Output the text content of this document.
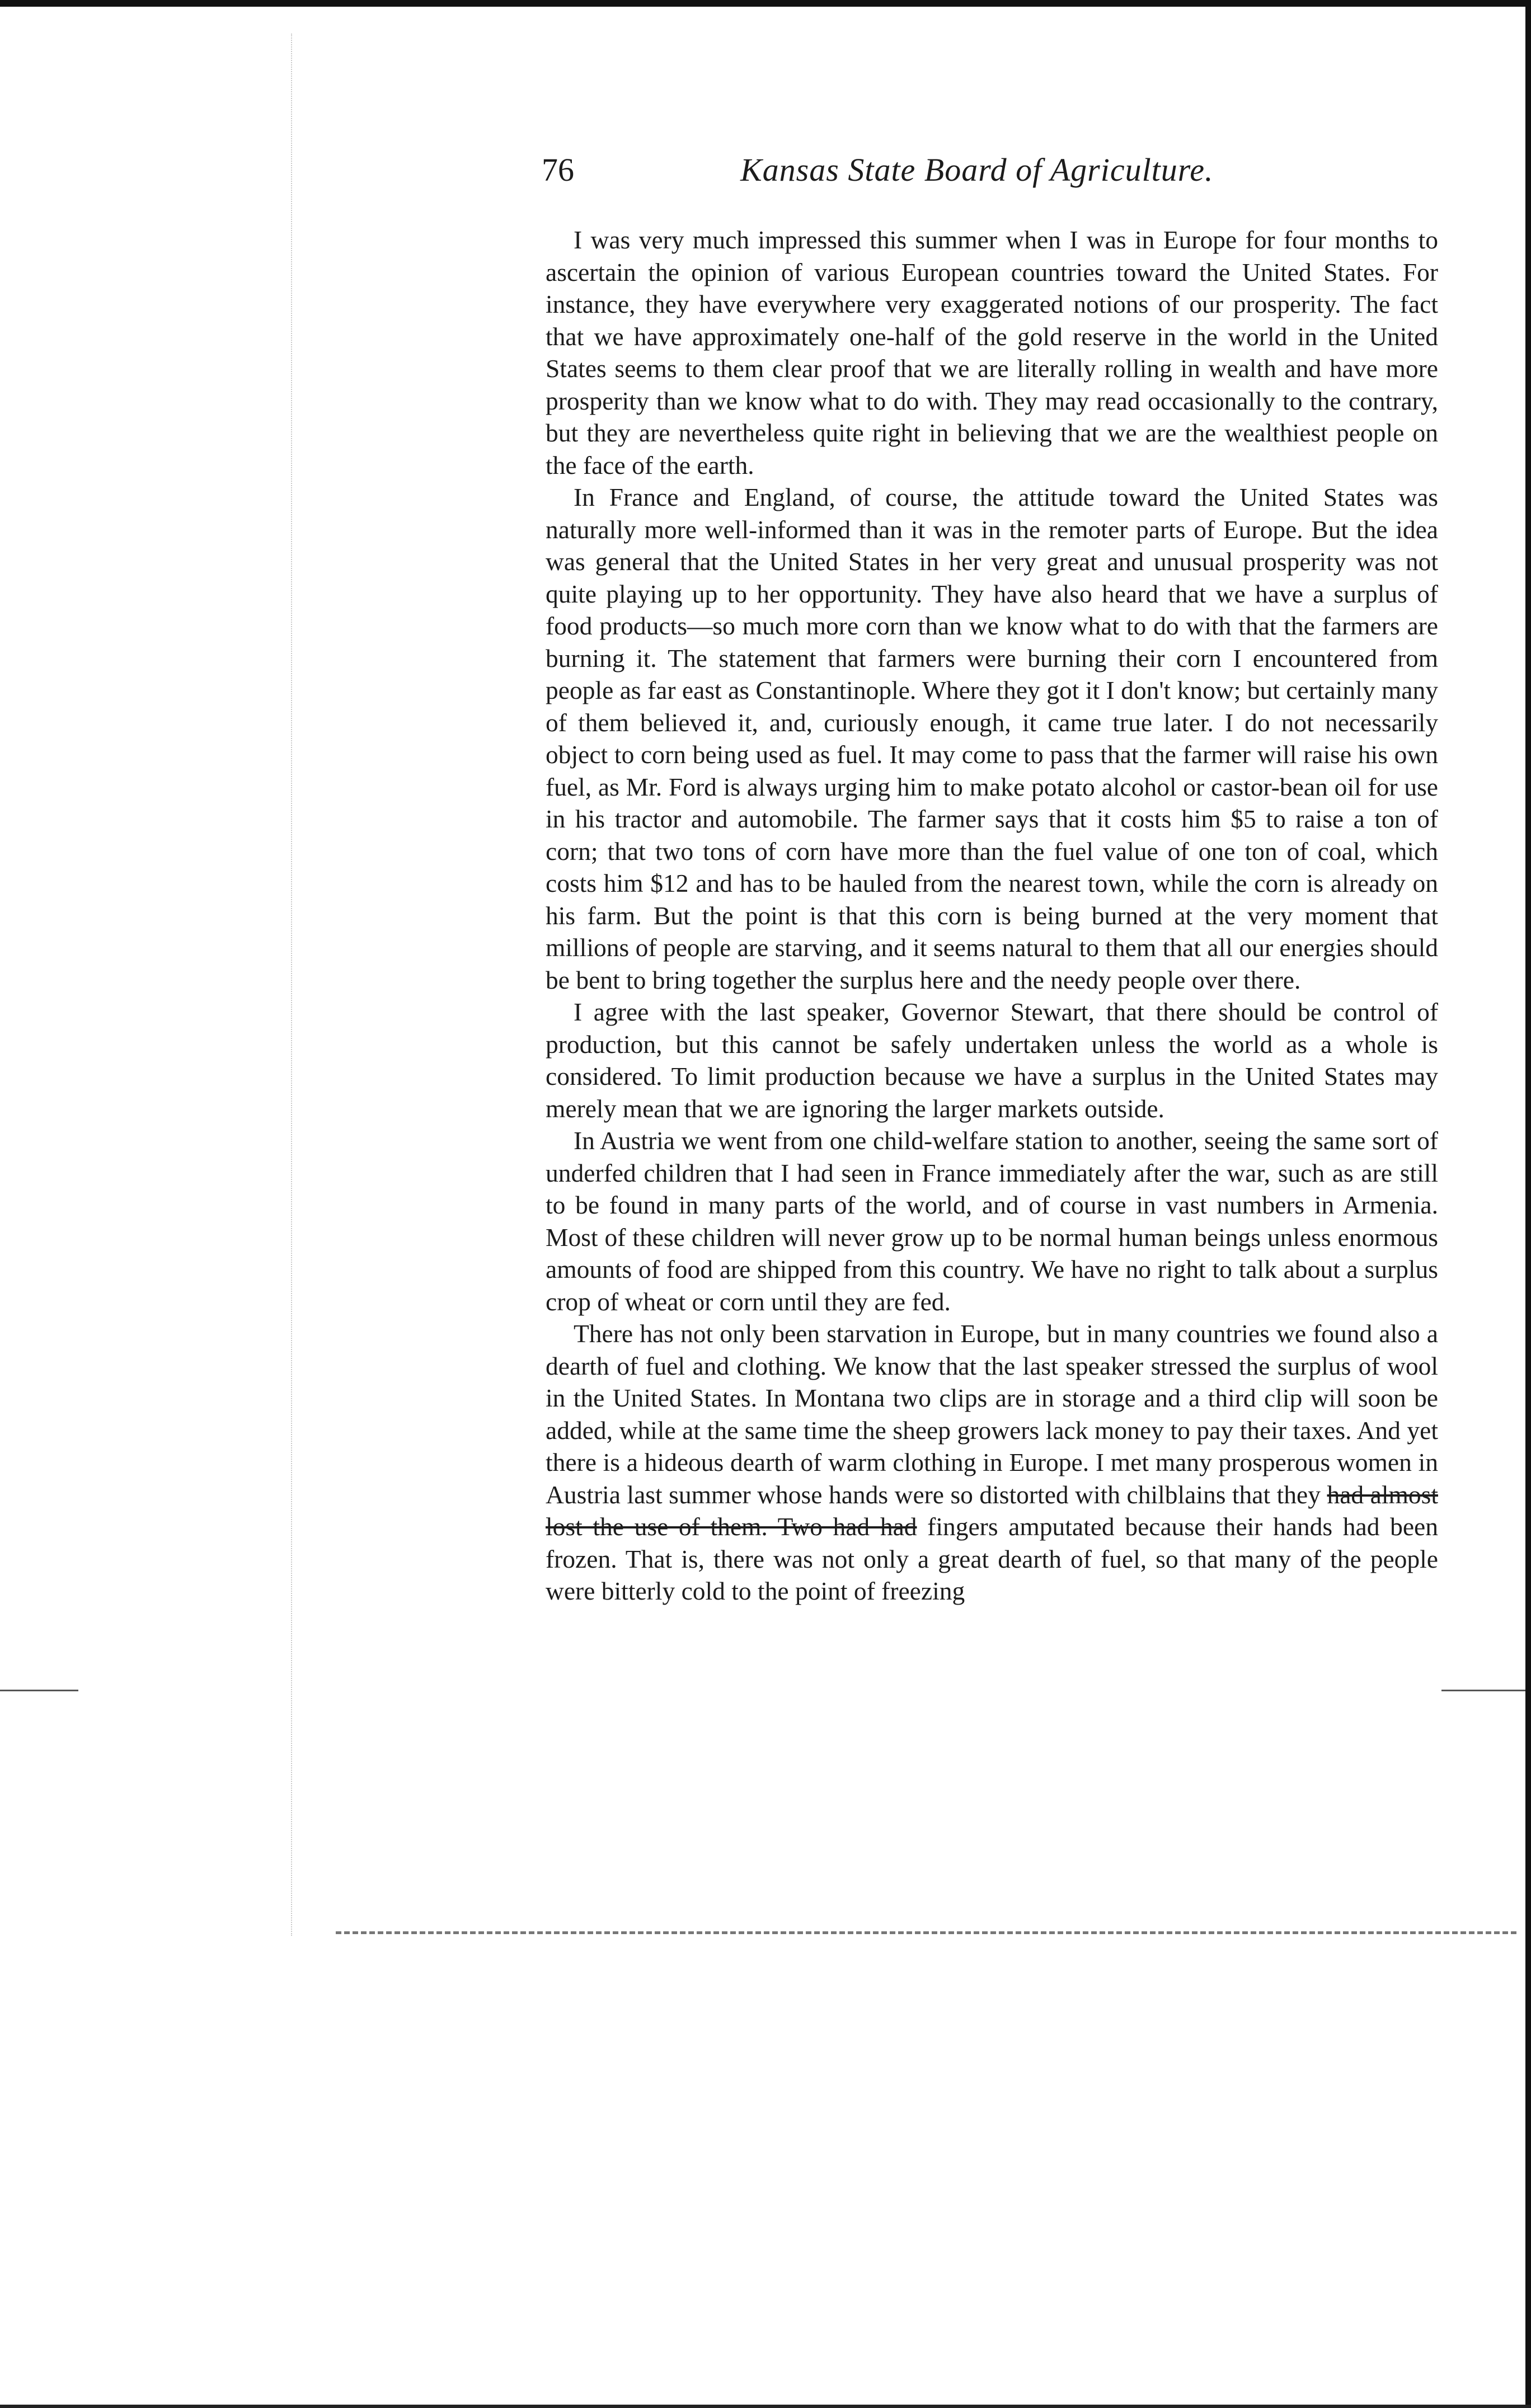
76	Kansas State Board of Agriculture.

I was very much impressed this summer when I was in Europe for four months to ascertain the opinion of various European countries toward the United States. For instance, they have everywhere very exaggerated notions of our prosperity. The fact that we have approximately one-half of the gold reserve in the world in the United States seems to them clear proof that we are literally rolling in wealth and have more prosperity than we know what to do with. They may read occasionally to the contrary, but they are nevertheless quite right in believing that we are the wealthiest people on the face of the earth.

In France and England, of course, the attitude toward the United States was naturally more well-informed than it was in the remoter parts of Europe. But the idea was general that the United States in her very great and unusual prosperity was not quite playing up to her opportunity. They have also heard that we have a surplus of food products—so much more corn than we know what to do with that the farmers are burning it. The statement that farmers were burning their corn I encountered from people as far east as Constantinople. Where they got it I don't know; but certainly many of them believed it, and, curiously enough, it came true later. I do not necessarily object to corn being used as fuel. It may come to pass that the farmer will raise his own fuel, as Mr. Ford is always urging him to make potato alcohol or castor-bean oil for use in his tractor and automobile. The farmer says that it costs him $5 to raise a ton of corn; that two tons of corn have more than the fuel value of one ton of coal, which costs him $12 and has to be hauled from the nearest town, while the corn is already on his farm. But the point is that this corn is being burned at the very moment that millions of people are starving, and it seems natural to them that all our energies should be bent to bring together the surplus here and the needy people over there.

I agree with the last speaker, Governor Stewart, that there should be control of production, but this cannot be safely undertaken unless the world as a whole is considered. To limit production because we have a surplus in the United States may merely mean that we are ignoring the larger markets outside.

In Austria we went from one child-welfare station to another, seeing the same sort of underfed children that I had seen in France immediately after the war, such as are still to be found in many parts of the world, and of course in vast numbers in Armenia. Most of these children will never grow up to be normal human beings unless enormous amounts of food are shipped from this country. We have no right to talk about a surplus crop of wheat or corn until they are fed.

There has not only been starvation in Europe, but in many countries we found also a dearth of fuel and clothing. We know that the last speaker stressed the surplus of wool in the United States. In Montana two clips are in storage and a third clip will soon be added, while at the same time the sheep growers lack money to pay their taxes. And yet there is a hideous dearth of warm clothing in Europe. I met many prosperous women in Austria last summer whose hands were so distorted with chilblains that they had almost lost the use of them. Two had had fingers amputated because their hands had been frozen. That is, there was not only a great dearth of fuel, so that many of the people were bitterly cold to the point of freezing
